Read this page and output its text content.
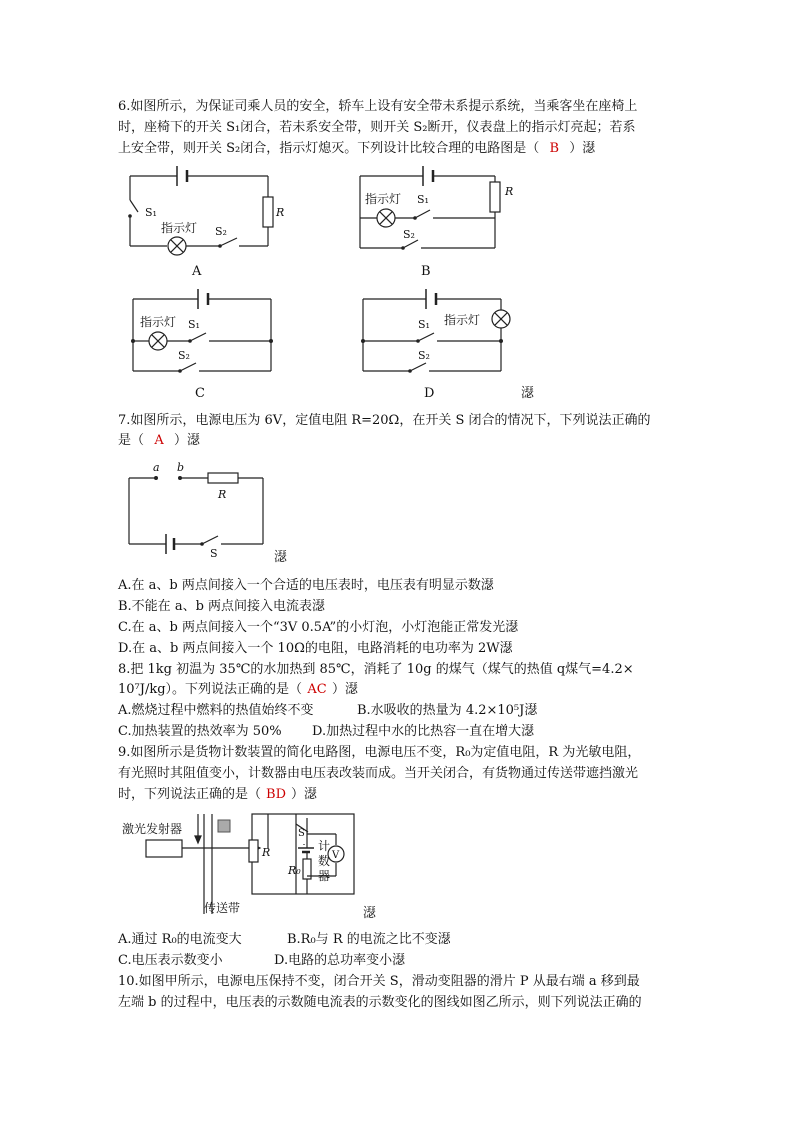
6.如图所示，为保证司乘人员的安全，轿车上设有安全带未系提示系统，当乘客坐在座椅上
时，座椅下的开关 S₁闭合，若未系安全带，则开关 S₂断开，仪表盘上的指示灯亮起；若系
上安全带，则开关 S₂闭合，指示灯熄灭。下列设计比较合理的电路图是（ B ）濏
S₁
指示灯 S₂
R
A
指示灯 S₁
S₂
R
B
指示灯 S₁
S₂
C
S₁ 指示灯
S₂
D	濏
7.如图所示，电源电压为 6V，定值电阻 R=20Ω，在开关 S 闭合的情况下，下列说法正确的
是（ A ）濏
a b
R
S	濏
A.在 a、b 两点间接入一个合适的电压表时，电压表有明显示数濏
B.不能在 a、b 两点间接入电流表濏
C.在 a、b 两点间接入一个“3V 0.5A”的小灯泡，小灯泡能正常发光濏
D.在 a、b 两点间接入一个 10Ω的电阻，电路消耗的电功率为 2W濏
8.把 1kg 初温为 35℃的水加热到 85℃，消耗了 10g 的煤气（煤气的热值 q煤气=4.2×
10⁷J/kg）。下列说法正确的是（ AC ）濏
A.燃烧过程中燃料的热值始终不变	B.水吸收的热量为 4.2×10⁵J濏
C.加热装置的热效率为 50% D.加热过程中水的比热容一直在增大濏
9.如图所示是货物计数装置的简化电路图，电源电压不变，R₀为定值电阻，R 为光敏电阻，
有光照时其阻值变小，计数器由电压表改装而成。当开关闭合，有货物通过传送带遮挡激光
时，下列说法正确的是（ BD ）濏
V
激光发射器
传送带
R
S
R₀
计
数
器
濏
A.通过 R₀的电流变大	B.R₀与 R 的电流之比不变濏
C.电压表示数变小	D.电路的总功率变小濏
10.如图甲所示，电源电压保持不变，闭合开关 S，滑动变阻器的滑片 P 从最右端 a 移到最
左端 b 的过程中，电压表的示数随电流表的示数变化的图线如图乙所示，则下列说法正确的
